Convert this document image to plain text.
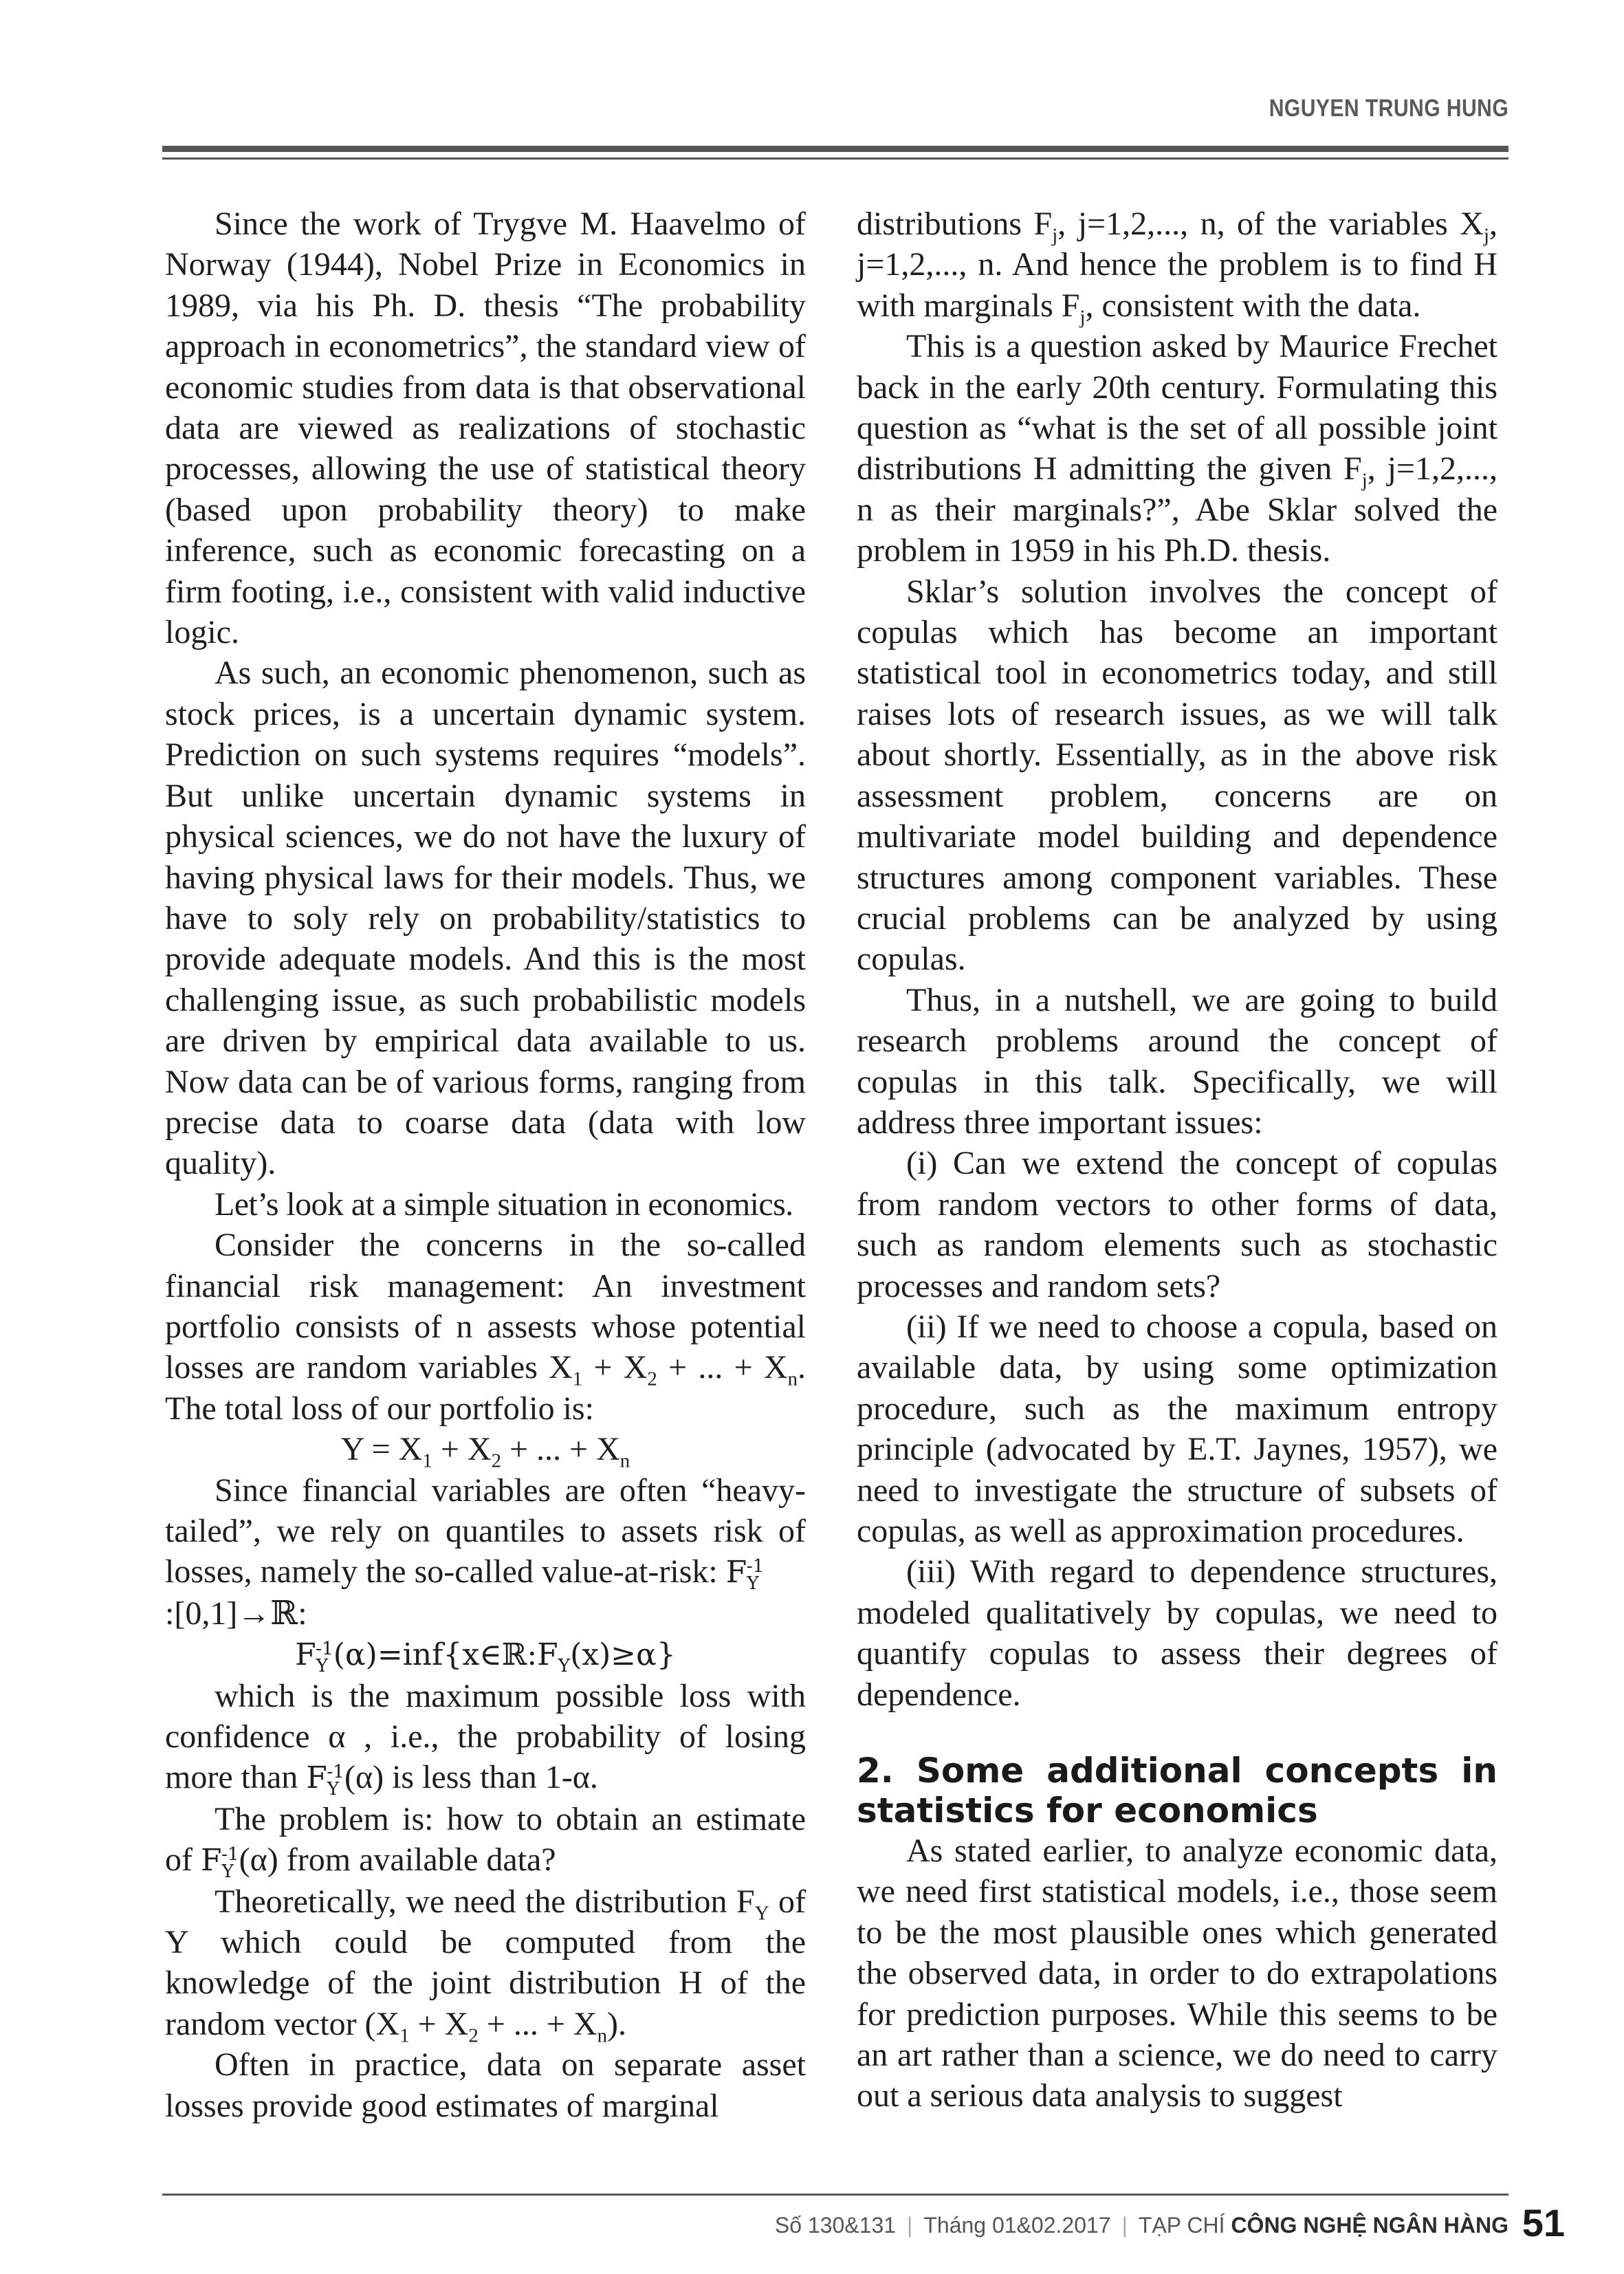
NGUYEN TRUNG HUNG

Since the work of Trygve M. Haavelmo of Norway (1944), Nobel Prize in Economics in 1989, via his Ph. D. thesis “The probability approach in econometrics”, the standard view of economic studies from data is that observational data are viewed as realizations of stochastic processes, allowing the use of statistical theory (based upon probability theory) to make inference, such as economic forecasting on a firm footing, i.e., consistent with valid inductive logic.

As such, an economic phenomenon, such as stock prices, is a uncertain dynamic system. Prediction on such systems requires “models”. But unlike uncertain dynamic systems in physical sciences, we do not have the luxury of having physical laws for their models. Thus, we have to soly rely on probability/statistics to provide adequate models. And this is the most challenging issue, as such probabilistic models are driven by empirical data available to us. Now data can be of various forms, ranging from precise data to coarse data (data with low quality).

Let’s look at a simple situation in economics.

Consider the concerns in the so-called financial risk management: An investment portfolio consists of n assests whose potential losses are random variables $X_1 + X_2$ + ... + $X_n$. The total loss of our portfolio is:

$Y = X_1 + X_2$ + ... + $X_n$

Since financial variables are often “heavy-tailed”, we rely on quantiles to assets risk of losses, namely the so-called value-at-risk: $F_Y^{-1}$
:[0,1]→ℝ:

$F_Y^{-1}(\alpha)=inf\{x\in ℝ:F_Y(x)\ge\alpha\}$

which is the maximum possible loss with confidence α , i.e., the probability of losing more than $F_Y^{-1}(\alpha)$ is less than 1-α.

The problem is: how to obtain an estimate of $F_Y^{-1}(\alpha)$ from available data?

Theoretically, we need the distribution $F_Y$ of Y which could be computed from the knowledge of the joint distribution H of the random vector ($X_1 + X_2$ + ... + $X_n$).

Often in practice, data on separate asset losses provide good estimates of marginal

distributions $F_j$, j=1,2,..., n, of the variables $X_j$, j=1,2,..., n. And hence the problem is to find H with marginals $F_j$, consistent with the data.

This is a question asked by Maurice Frechet back in the early 20th century. Formulating this question as “what is the set of all possible joint distributions H admitting the given $F_j$, j=1,2,..., n as their marginals?”, Abe Sklar solved the problem in 1959 in his Ph.D. thesis.

Sklar’s solution involves the concept of copulas which has become an important statistical tool in econometrics today, and still raises lots of research issues, as we will talk about shortly. Essentially, as in the above risk assessment problem, concerns are on multivariate model building and dependence structures among component variables. These crucial problems can be analyzed by using copulas.

Thus, in a nutshell, we are going to build research problems around the concept of copulas in this talk. Specifically, we will address three important issues:

(i) Can we extend the concept of copulas from random vectors to other forms of data, such as random elements such as stochastic processes and random sets?

(ii) If we need to choose a copula, based on available data, by using some optimization procedure, such as the maximum entropy principle (advocated by E.T. Jaynes, 1957), we need to investigate the structure of subsets of copulas, as well as approximation procedures.

(iii) With regard to dependence structures, modeled qualitatively by copulas, we need to quantify copulas to assess their degrees of dependence.

2. Some additional concepts in
statistics for economics

As stated earlier, to analyze economic data, we need first statistical models, i.e., those seem to be the most plausible ones which generated the observed data, in order to do extrapolations for prediction purposes. While this seems to be an art rather than a science, we do need to carry out a serious data analysis to suggest

Số 130&131 | Tháng 01&02.2017 | TẠP CHÍ
CÔNG NGHỆ NGÂN HÀNG 51
